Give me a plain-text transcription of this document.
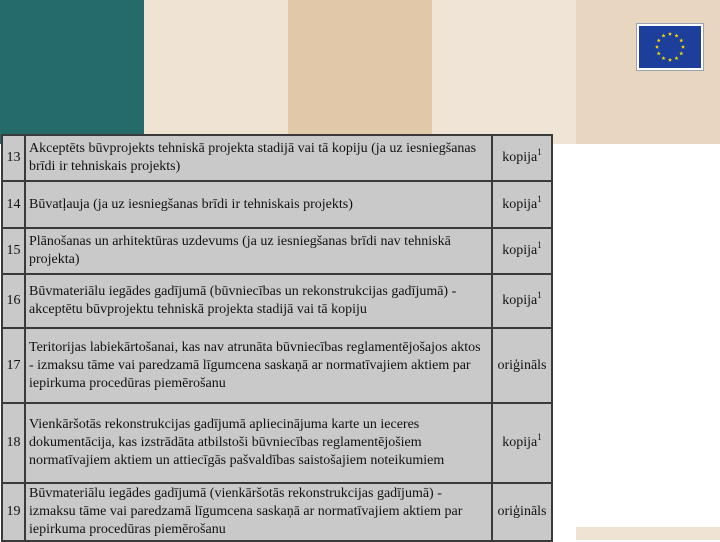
13	Akceptēts būvprojekts tehniskā projekta stadijā vai tā kopiju (ja uz iesniegšanas brīdi ir tehniskais projekts)	kopija$^1$
14	Būvatļauja (ja uz iesniegšanas brīdi ir tehniskais projekts)	kopija$^1$
15	Plānošanas un arhitektūras uzdevums (ja uz iesniegšanas brīdi nav tehniskā projekta)	kopija$^1$
16	Būvmateriālu iegādes gadījumā (būvniecības un rekonstrukcijas gadījumā) - akceptētu būvprojektu tehniskā projekta stadijā vai tā kopiju	kopija$^1$
17	Teritorijas labiekārtošanai, kas nav atrunāta būvniecības reglamentējošajos aktos - izmaksu tāme vai paredzamā līgumcena saskaņā ar normatīvajiem aktiem par iepirkuma procedūras piemērošanu	oriģināls
18	Vienkāršotās rekonstrukcijas gadījumā apliecinājuma karte un ieceres dokumentācija, kas izstrādāta atbilstoši būvniecības reglamentējošiem normatīvajiem aktiem un attiecīgās pašvaldības saistošajiem noteikumiem	kopija$^1$
19	Būvmateriālu iegādes gadījumā (vienkāršotās rekonstrukcijas gadījumā) - izmaksu tāme vai paredzamā līgumcena saskaņā ar normatīvajiem aktiem par iepirkuma procedūras piemērošanu	oriģināls
